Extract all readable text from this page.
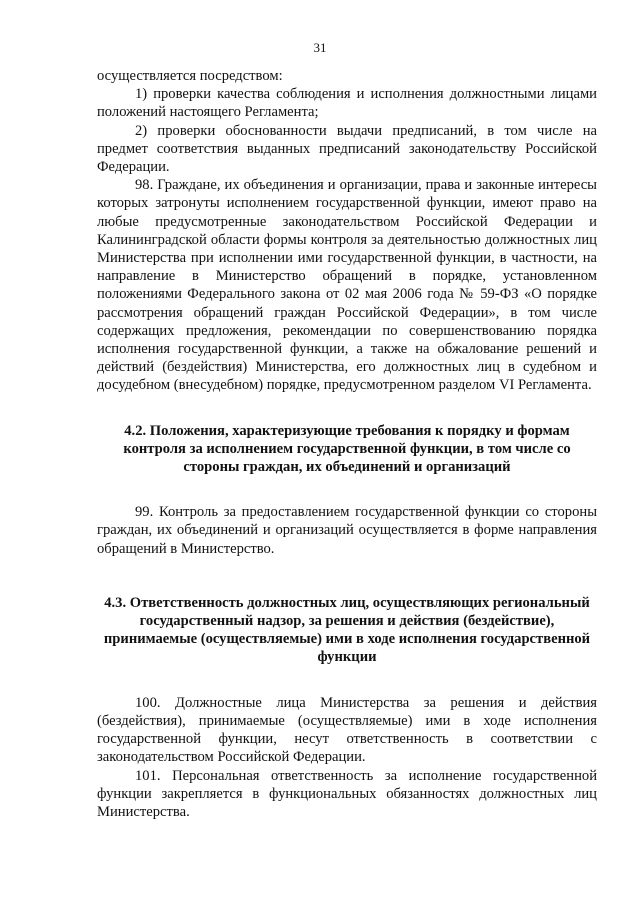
31

осуществляется посредством:

1) проверки качества соблюдения и исполнения должностными лицами положений настоящего Регламента;

2) проверки обоснованности выдачи предписаний, в том числе на предмет соответствия выданных предписаний законодательству Российской Федерации.

98. Граждане, их объединения и организации, права и законные интересы которых затронуты исполнением государственной функции, имеют право на любые предусмотренные законодательством Российской Федерации и Калининградской области формы контроля за деятельностью должностных лиц Министерства при исполнении ими государственной функции, в частности, на направление в Министерство обращений в порядке, установленном положениями Федерального закона от 02 мая 2006 года № 59-ФЗ «О порядке рассмотрения обращений граждан Российской Федерации», в том числе содержащих предложения, рекомендации по совершенствованию порядка исполнения государственной функции, а также на обжалование решений и действий (бездействия) Министерства, его должностных лиц в судебном и досудебном (внесудебном) порядке, предусмотренном разделом VI Регламента.

4.2. Положения, характеризующие требования к порядку и формам контроля за исполнением государственной функции, в том числе со стороны граждан, их объединений и организаций

99. Контроль за предоставлением государственной функции со стороны граждан, их объединений и организаций осуществляется в форме направления обращений в Министерство.

4.3. Ответственность должностных лиц, осуществляющих региональный государственный надзор, за решения и действия (бездействие), принимаемые (осуществляемые) ими в ходе исполнения государственной функции

100. Должностные лица Министерства за решения и действия (бездействия), принимаемые (осуществляемые) ими в ходе исполнения государственной функции, несут ответственность в соответствии с законодательством Российской Федерации.

101. Персональная ответственность за исполнение государственной функции закрепляется в функциональных обязанностях должностных лиц Министерства.
